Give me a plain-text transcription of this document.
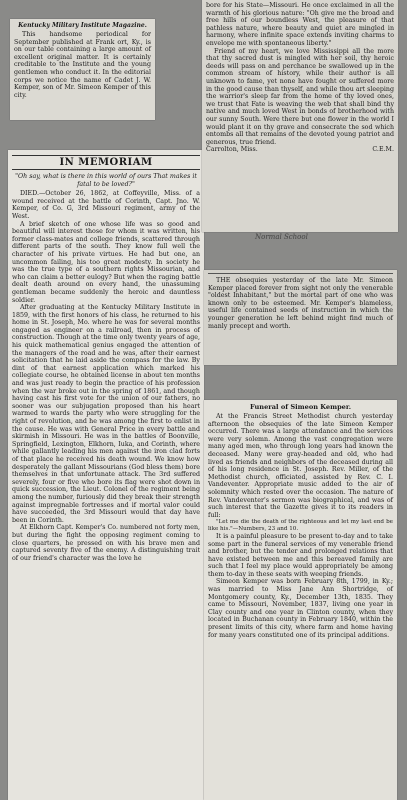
Kentucky Military Institute Magazine.

This handsome periodical for September published at Frank ort, Ky., is on our table containing a large amount of excellent original matter. It is certainly creditable to the Institute and the young gentlemen who conduct it. In the editorial corps we notice the name of Cadet J. W. Kemper, son of Mr. Simeon Kemper of this city.

IN MEMORIAM

"Oh say, what is there in this world of ours That makes it fatal to be loved?"

DIED.—October 26, 1862, at Coffeyville, Miss. of a wound received at the battle of Corinth, Capt. Jno. W. Kemper, of Co. G, 3rd Missouri regiment, army of the West.

A brief sketch of one whose life was so good and beautiful will interest those for whom it was written, his former class-mates and college friends, scattered through different parts of the south. They know full well the character of his private virtues. He had but one, an uncommon failing, his too great modesty. In society he was the true type of a southern rights Missourian, and who can claim a better eulogy? But when the raging battle dealt death around on every hand, the unassuming gentleman became suddenly the heroic and dauntless soldier.

After graduating at the Kentucky Military Institute in 1859, with the first honors of his class, he returned to his home in St. Joseph, Mo. where he was for several months engaged as engineer on a railroad, then in process of construction. Though at the time only twenty years of age, his quick mathematical genius engaged the attention of the managers of the road and he was, after their earnest solicitation that he laid aside the compass for the law. By dint of that earnest application which marked his collegiate course, he obtained license in about ten months and was just ready to begin the practice of his profession when the war broke out in the spring of 1861, and though having cast his first vote for the union of our fathers, no sooner was our subjugation proposed than his heart warmed to wards the party who were struggling for the right of revolution, and he was among the first to enlist in the cause. He was with General Price in every battle and skirmish in Missouri. He was in the battles of Boonville, Springfield, Lexington, Elkhorn, Iuka, and Corinth, where while gallantly leading his men against the iron clad forts of that place he received his death wound. We know how desperately the gallant Missourians (God bless them) bore themselves in that unfortunate attack. The 3rd suffered severely, four or five who bore its flag were shot down in quick succession, the Lieut. Colonel of the regiment being among the number, furiously did they break their strength against impregnable fortresses and if mortal valor could have succeeded, the 3rd Missouri would that day have been in Corinth.

At Elkhorn Capt. Kemper's Co. numbered not forty men, but during the fight the opposing regiment coming to close quarters, he pressed on with his brave men and captured seventy five of the enemy. A distinguishing trait of our friend's character was the love he

bore for his State—Missouri. He once exclaimed in all the warmth of his glorious nature: "Oh give me the broad and free hills of our boundless West, the pleasure of that pathless nature, where beauty and quiet are mingled in harmony, where infinite space extends inviting charms to envelope me with spontaneous liberty."

Friend of my heart, we love Mississippi all the more that thy sacred dust is mingled with her soil, thy heroic deeds will pass on and perchance be swallowed up in the common stream of history, while their author is all unknown to fame, yet none have fought or suffered more in the good cause than thyself, and while thou art sleeping the warrior's sleep far from the home of thy loved ones, we trust that Fate is weaving the web that shall bind thy native and much loved West in bonds of brotherhood with our sunny South. Were there but one flower in the world I would plant it on thy grave and consecrate the sod which entombs all that remains of the devoted young patriot and generous, true friend.

Carrolton, Miss.	C.E.M.

Normal School

THE obsequies yesterday of the late Mr. Simeon Kemper placed forever from sight not only the venerable "oldest Inhabitant," but the mortal part of one who was known only to be esteemed. Mr. Kemper's blameless, useful life contained seeds of instruction in which the younger generation he left behind might find much of manly precept and worth.

Funeral of Simeon Kemper.

At the Francis Street Methodist church yesterday afternoon the obsequies of the late Simeon Kemper occurred. There was a large attendance and the services were very solemn. Among the vast congregation were many aged men, who through long years had known the deceased. Many were gray-headed and old, who had lived as friends and neighbors of the deceased during all of his long residence in St. Joseph. Rev. Miller, of the Methodist church, officiated, assisted by Rev. C. I. Vandeventer. Appropriate music added to the air of solemnity which rested over the occasion. The nature of Rev. Vandeventer's sermon was biographical, and was of such interest that the Gazette gives it to its readers in full:

"Let me die the death of the righteous and let my last end be like his."—Numbers, 23 and 10.

It is a painful pleasure to be present to-day and to take some part in the funeral services of my venerable friend and brother, but the tender and prolonged relations that have existed between me and this bereaved family are such that I feel my place would appropriately be among them to-day in these seats with weeping friends.

Simeon Kemper was born February 8th, 1799, in Ky.; was married to Miss Jane Ann Shortridge, of Montgomery county, Ky., December 13th, 1835. They came to Missouri, November, 1837, living one year in Clay county and one year in Clinton county, when they located in Buchanan county in February 1840, within the present limits of this city, where farm and home having for many years constituted one of its principal additions.
